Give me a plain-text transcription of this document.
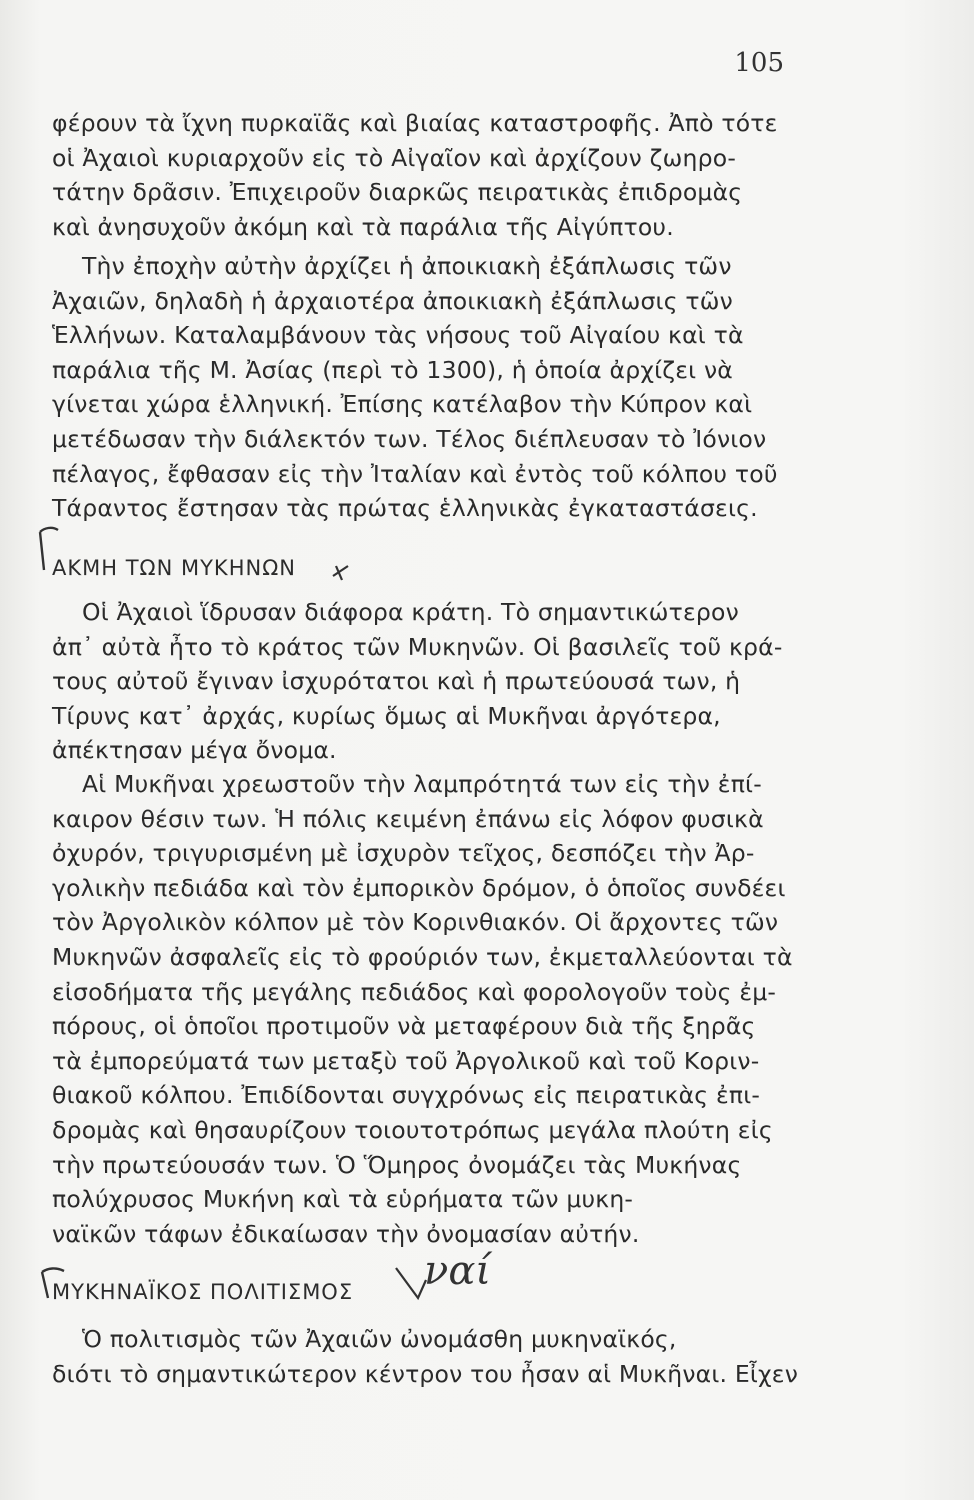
105
φέρουν τὰ ἴχνη πυρκαϊᾶς καὶ βιαίας καταστροφῆς. Ἀπὸ τότε
οἱ Ἀχαιοὶ κυριαρχοῦν εἰς τὸ Αἰγαῖον καὶ ἀρχίζουν ζωηρο-
τάτην δρᾶσιν. Ἐπιχειροῦν διαρκῶς πειρατικὰς ἐπιδρομὰς
καὶ ἀνησυχοῦν ἀκόμη καὶ τὰ παράλια τῆς Αἰγύπτου.
Τὴν ἐποχὴν αὐτὴν ἀρχίζει ἡ ἀποικιακὴ ἐξάπλωσις τῶν
Ἀχαιῶν, δηλαδὴ ἡ ἀρχαιοτέρα ἀποικιακὴ ἐξάπλωσις τῶν
Ἑλλήνων. Καταλαμβάνουν τὰς νήσους τοῦ Αἰγαίου καὶ τὰ
παράλια τῆς Μ. Ἀσίας (περὶ τὸ 1300), ἡ ὁποία ἀρχίζει νὰ
γίνεται χώρα ἑλληνική. Ἐπίσης κατέλαβον τὴν Κύπρον καὶ
μετέδωσαν τὴν διάλεκτόν των. Τέλος διέπλευσαν τὸ Ἰόνιον
πέλαγος, ἔφθασαν εἰς τὴν Ἰταλίαν καὶ ἐντὸς τοῦ κόλπου τοῦ
Τάραντος ἔστησαν τὰς πρώτας ἑλληνικὰς ἐγκαταστάσεις.
ΑΚΜΗ ΤΩΝ ΜΥΚΗΝΩΝ
Οἱ Ἀχαιοὶ ἵδρυσαν διάφορα κράτη. Τὸ σημαντικώτερον
ἀπ᾽ αὐτὰ ἦτο τὸ κράτος τῶν Μυκηνῶν. Οἱ βασιλεῖς τοῦ κρά-
τους αὐτοῦ ἔγιναν ἰσχυρότατοι καὶ ἡ πρωτεύουσά των, ἡ
Τίρυνς κατ᾽ ἀρχάς, κυρίως ὅμως αἱ Μυκῆναι ἀργότερα,
ἀπέκτησαν μέγα ὄνομα.
Αἱ Μυκῆναι χρεωστοῦν τὴν λαμπρότητά των εἰς τὴν ἐπί-
καιρον θέσιν των. Ἡ πόλις κειμένη ἐπάνω εἰς λόφον φυσικὰ
ὀχυρόν, τριγυρισμένη μὲ ἰσχυρὸν τεῖχος, δεσπόζει τὴν Ἀρ-
γολικὴν πεδιάδα καὶ τὸν ἐμπορικὸν δρόμον, ὁ ὁποῖος συνδέει
τὸν Ἀργολικὸν κόλπον μὲ τὸν Κορινθιακόν. Οἱ ἄρχοντες τῶν
Μυκηνῶν ἀσφαλεῖς εἰς τὸ φρούριόν των, ἐκμεταλλεύονται τὰ
εἰσοδήματα τῆς μεγάλης πεδιάδος καὶ φορολογοῦν τοὺς ἐμ-
πόρους, οἱ ὁποῖοι προτιμοῦν νὰ μεταφέρουν διὰ τῆς ξηρᾶς
τὰ ἐμπορεύματά των μεταξὺ τοῦ Ἀργολικοῦ καὶ τοῦ Κοριν-
θιακοῦ κόλπου. Ἐπιδίδονται συγχρόνως εἰς πειρατικὰς ἐπι-
δρομὰς καὶ θησαυρίζουν τοιουτοτρόπως μεγάλα πλούτη εἰς
τὴν πρωτεύουσάν των. Ὁ Ὅμηρος ὀνομάζει τὰς Μυκήνας
πολύχρυσος Μυκήνη καὶ τὰ εὑρήματα τῶν μυκη-
ναϊκῶν τάφων ἐδικαίωσαν τὴν ὀνομασίαν αὐτήν.
ΜΥΚΗΝΑΪΚΟΣ ΠΟΛΙΤΙΣΜΟΣ ναί
Ὁ πολιτισμὸς τῶν Ἀχαιῶν ὠνομάσθη μυκηναϊκός,
διότι τὸ σημαντικώτερον κέντρον του ἦσαν αἱ Μυκῆναι. Εἶχεν
